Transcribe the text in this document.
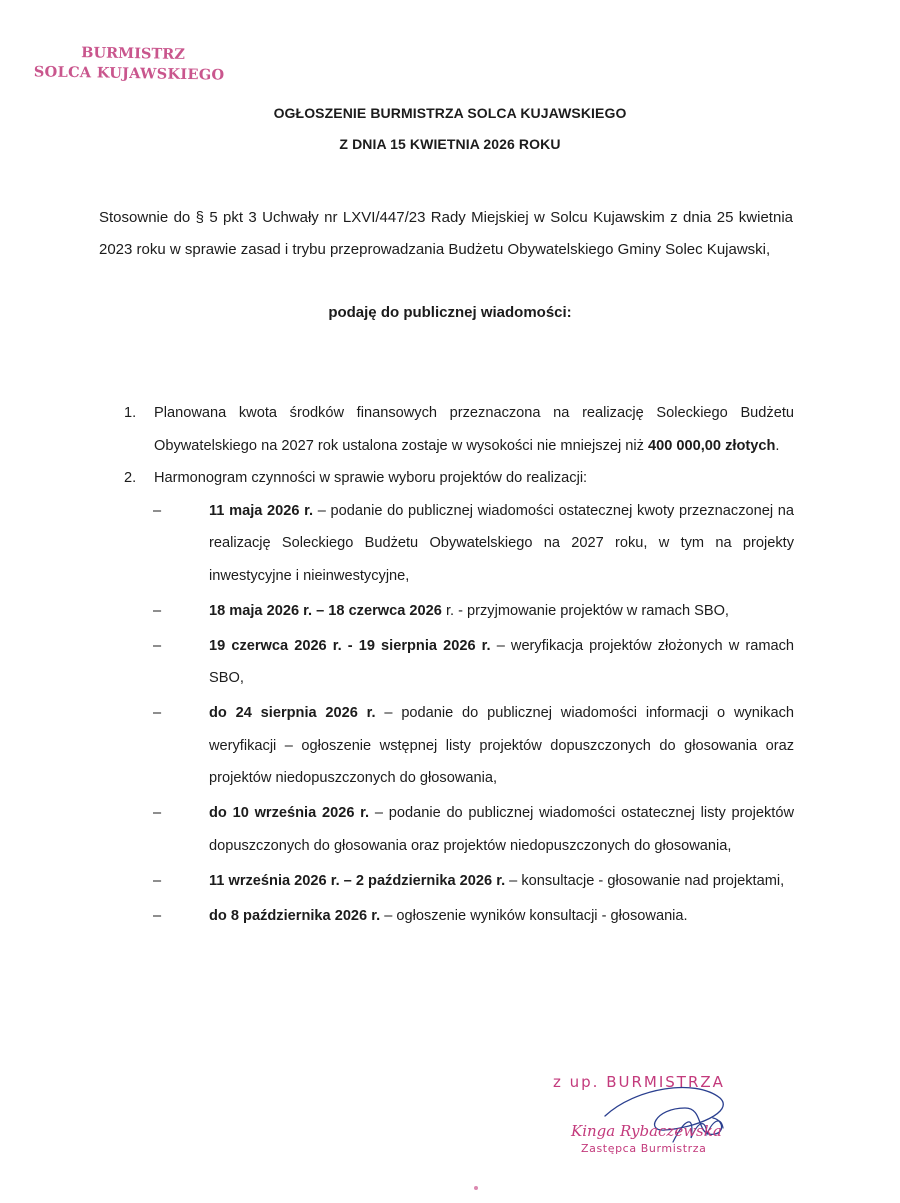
BURMISTRZ
SOLCA KUJAWSKIEGO
OGŁOSZENIE BURMISTRZA SOLCA KUJAWSKIEGO
Z DNIA 15 KWIETNIA 2026 ROKU
Stosownie do § 5 pkt 3 Uchwały nr LXVI/447/23 Rady Miejskiej w Solcu Kujawskim z dnia 25 kwietnia 2023 roku w sprawie zasad i trybu przeprowadzania Budżetu Obywatelskiego Gminy Solec Kujawski,
podaję do publicznej wiadomości:
1. Planowana kwota środków finansowych przeznaczona na realizację Soleckiego Budżetu Obywatelskiego na 2027 rok ustalona zostaje w wysokości nie mniejszej niż 400 000,00 złotych.
2. Harmonogram czynności w sprawie wyboru projektów do realizacji:
–	11 maja 2026 r. – podanie do publicznej wiadomości ostatecznej kwoty przeznaczonej na realizację Soleckiego Budżetu Obywatelskiego na 2027 roku, w tym na projekty inwestycyjne i nieinwestycyjne,
–	18 maja 2026 r. – 18 czerwca 2026 r. - przyjmowanie projektów w ramach SBO,
–	19 czerwca 2026 r. - 19 sierpnia 2026 r. – weryfikacja projektów złożonych w ramach SBO,
–	do 24 sierpnia 2026 r. – podanie do publicznej wiadomości informacji o wynikach weryfikacji – ogłoszenie wstępnej listy projektów dopuszczonych do głosowania oraz projektów niedopuszczonych do głosowania,
–	do 10 września 2026 r. – podanie do publicznej wiadomości ostatecznej listy projektów dopuszczonych do głosowania oraz projektów niedopuszczonych do głosowania,
–	11 września 2026 r. – 2 października 2026 r. – konsultacje - głosowanie nad projektami,
–	do 8 października 2026 r. – ogłoszenie wyników konsultacji - głosowania.
z up. BURMISTRZA
Kinga Rybaczewska
Zastępca Burmistrza
